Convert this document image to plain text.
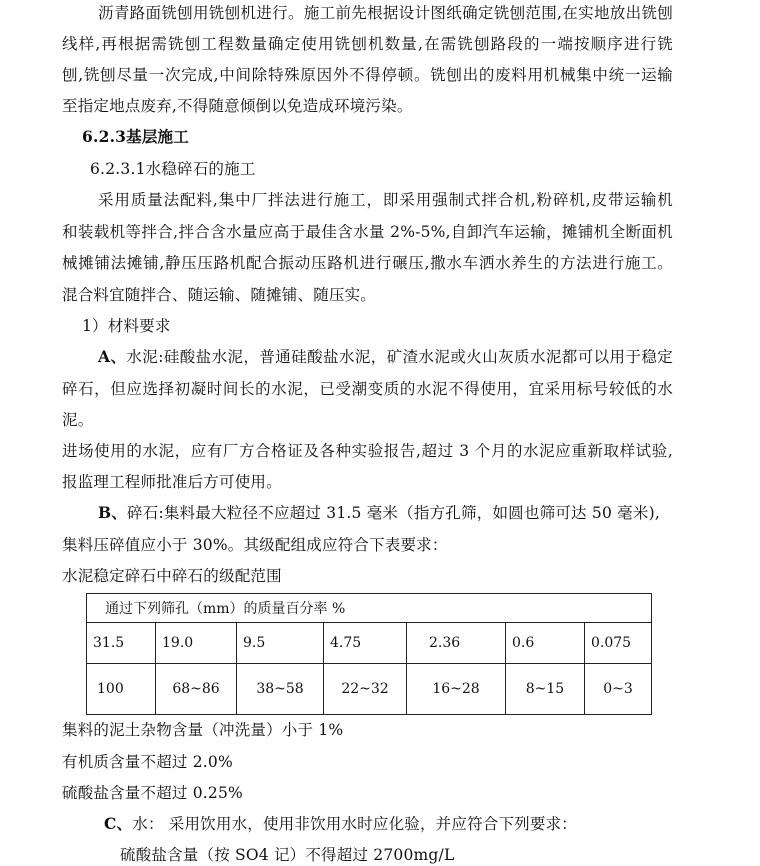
沥青路面铣刨用铣刨机进行。施工前先根据设计图纸确定铣刨范围,在实地放出铣刨
线样,再根据需铣刨工程数量确定使用铣刨机数量,在需铣刨路段的一端按顺序进行铣
刨,铣刨尽量一次完成,中间除特殊原因外不得停顿。铣刨出的废料用机械集中统一运输
至指定地点废弃,不得随意倾倒以免造成环境污染。
6.2.3基层施工
6.2.3.1水稳碎石的施工
采用质量法配料,集中厂拌法进行施工，即采用强制式拌合机,粉碎机,皮带运输机
和装载机等拌合,拌合含水量应高于最佳含水量 2%-5%,自卸汽车运输，摊铺机全断面机
械摊铺法摊铺,静压压路机配合振动压路机进行碾压,撒水车洒水养生的方法进行施工。
混合料宜随拌合、随运输、随摊铺、随压实。
1）材料要求
A、水泥:硅酸盐水泥，普通硅酸盐水泥，矿渣水泥或火山灰质水泥都可以用于稳定
碎石，但应选择初凝时间长的水泥，已受潮变质的水泥不得使用，宜采用标号较低的水
泥。
进场使用的水泥，应有厂方合格证及各种实验报告,超过 3 个月的水泥应重新取样试验,
报监理工程师批准后方可使用。
B、碎石:集料最大粒径不应超过 31.5 毫米（指方孔筛，如圆也筛可达 50 毫米),
集料压碎值应小于 30%。其级配组成应符合下表要求：
水泥稳定碎石中碎石的级配范围
通过下列筛孔（mm）的质量百分率 %						
31.5	19.0	9.5	4.75	2.36	0.6	0.075
100	68~86	38~58	22~32	16~28	8~15	0~3
集料的泥土杂物含量（冲洗量）小于 1%
有机质含量不超过 2.0%
硫酸盐含量不超过 0.25%
C、水： 采用饮用水，使用非饮用水时应化验，并应符合下列要求：
硫酸盐含量（按 SO4 记）不得超过 2700mg/L
